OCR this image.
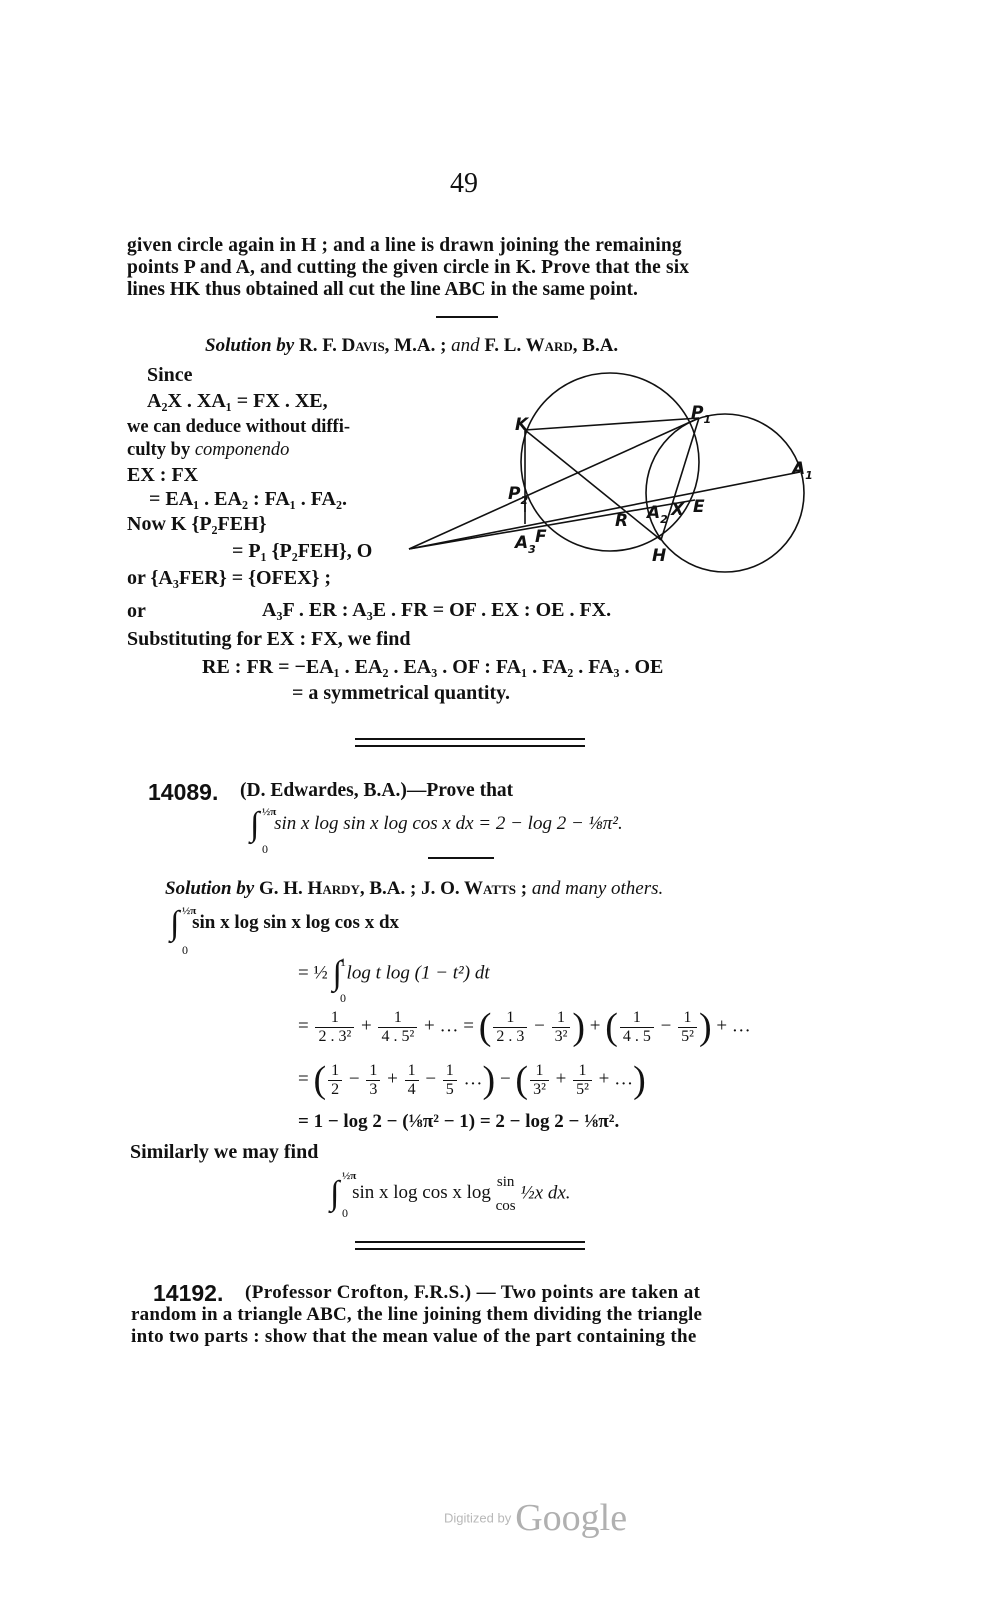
49
given circle again in H ; and a line is drawn joining the remaining
points P and A, and cutting the given circle in K. Prove that the six
lines HK thus obtained all cut the line ABC in the same point.
Solution by R. F. Davis, M.A. ; and F. L. Ward, B.A.
Since
A₂X . XA₁ = FX . XE,
we can deduce without diffi-
culty by componendo
EX : FX
= EA₁ . EA₂ : FA₁ . FA₂.
Now K {P₂FEH}
= P₁ {P₂FEH}, O
or {A₃FER} = {OFEX} ;
or	A₃F . ER : A₃E . FR = OF . EX : OE . FX.
Substituting for EX : FX, we find
RE : FR = −EA₁ . EA₂ . EA₃ . OF : FA₁ . FA₂ . FA₃ . OE
= a symmetrical quantity.
K
$P_1$
$A_1$
$P_2$
R $A_2$ X E
$A_3$
F
H
14089. (D. Edwardes, B.A.)—Prove that
∫ ½π
0
sin x log sin x log cos x dx = 2 − log 2 − ⅛π².
Solution by G. H. Hardy, B.A. ; J. O. Watts ; and many others.
∫ ½π
0
sin x log sin x log cos x dx
= ½ ∫
1
0
log t log (1 − t²) dt
= $\frac{1}{\text{2 . 3²}} + \frac{1}{\text{4 . 5²}}$ + … = ( $\frac{1}{2 . 3} - \frac{1}{\text{3²}}$ ) + ( $\frac{1}{4 . 5} - \frac{1}{\text{5²}}$ ) + …
= ( $\frac{1}{2} - \frac{1}{3} + \frac{1}{4} - \frac{1}{5}$ …) − ( $\frac{1}{\text{3²}} + \frac{1}{\text{5²}}$ + …)
= 1 − log 2 − (⅛π² − 1) = 2 − log 2 − ⅛π².
Similarly we may find
∫ ½π
0
sin x log cos x log
sin
cos
½x dx.
14192. (Professor Crofton, F.R.S.) — Two points are taken at
random in a triangle ABC, the line joining them dividing the triangle
into two parts : show that the mean value of the part containing the
Digitized by Google
